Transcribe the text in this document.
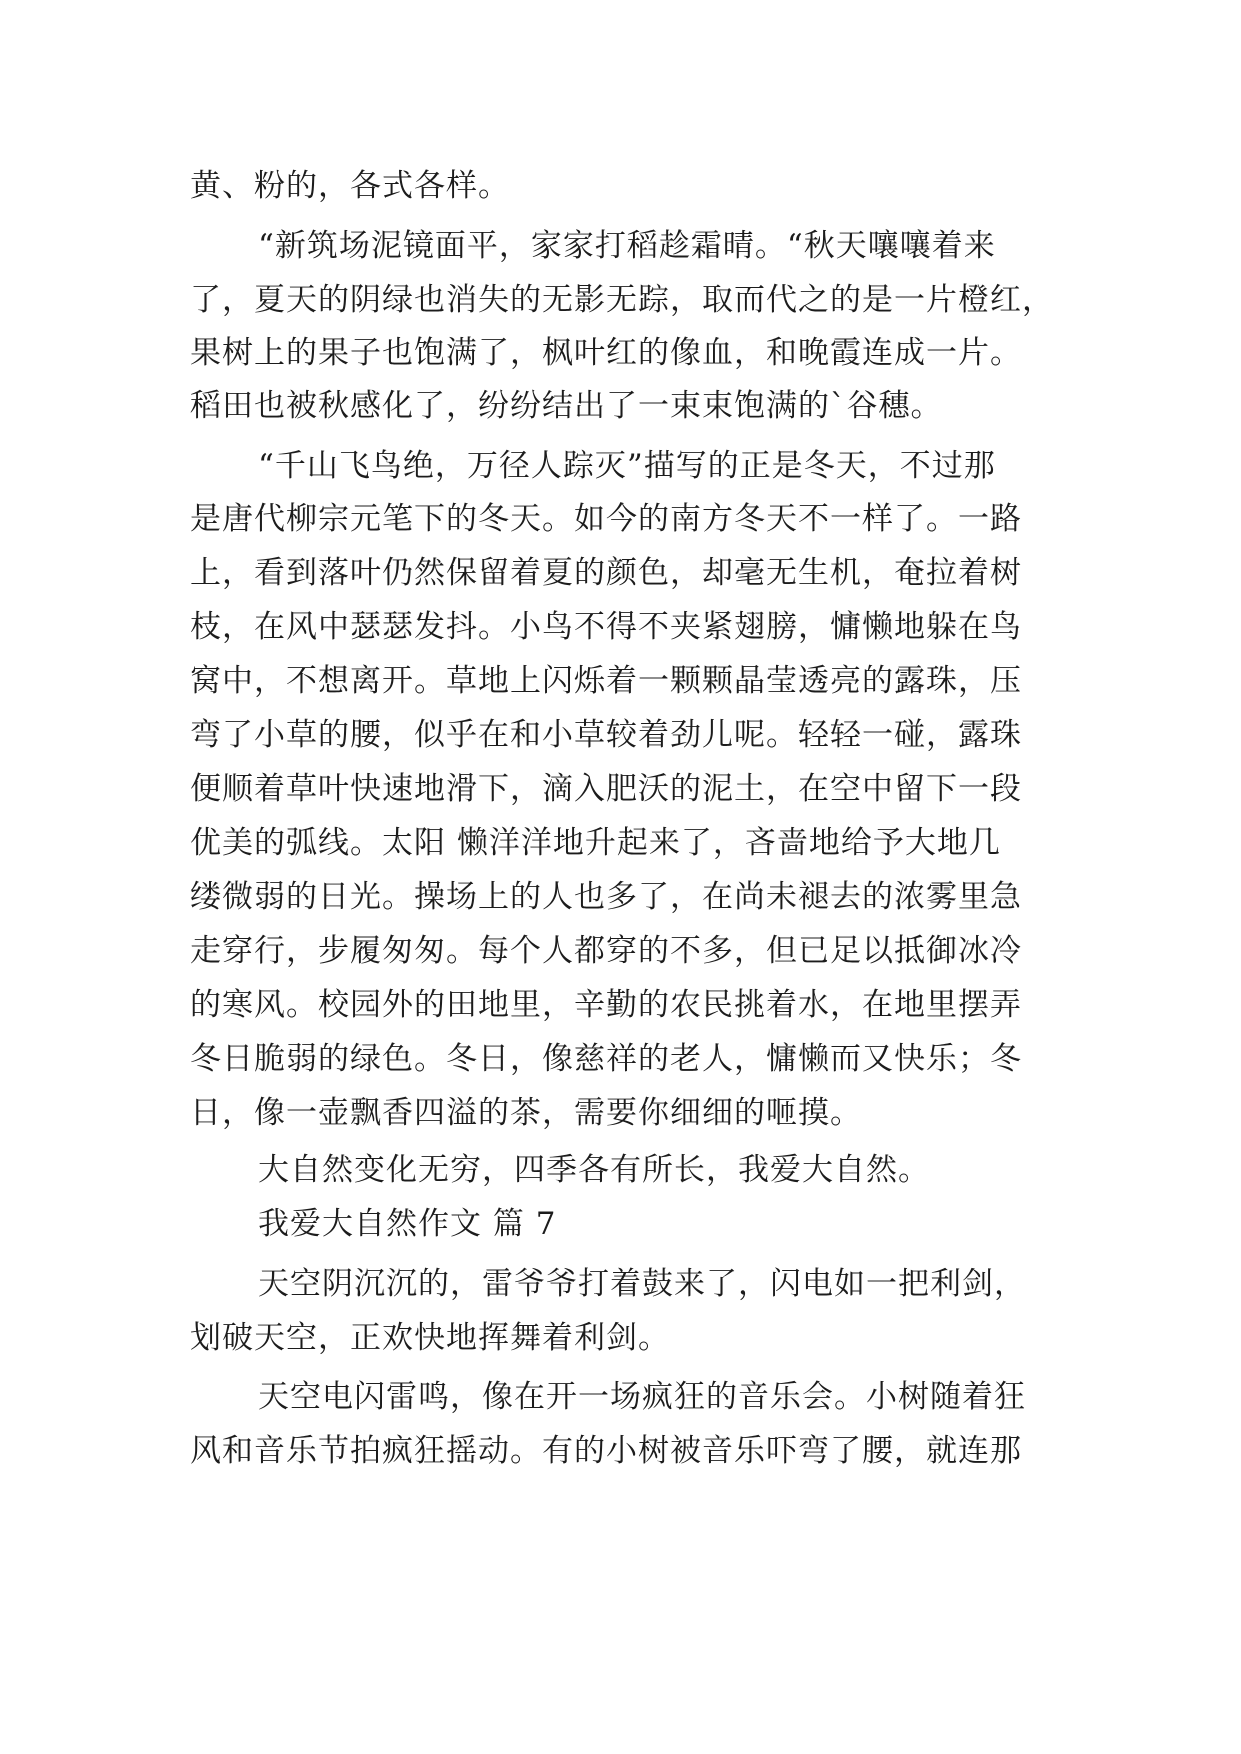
黄、粉的，各式各样。
“新筑场泥镜面平，家家打稻趁霜晴。“秋天嚷嚷着来
了，夏天的阴绿也消失的无影无踪，取而代之的是一片橙红，
果树上的果子也饱满了，枫叶红的像血，和晚霞连成一片。
稻田也被秋感化了，纷纷结出了一束束饱满的`谷穗。
“千山飞鸟绝，万径人踪灭”描写的正是冬天，不过那
是唐代柳宗元笔下的冬天。如今的南方冬天不一样了。一路
上，看到落叶仍然保留着夏的颜色，却毫无生机，奄拉着树
枝，在风中瑟瑟发抖。小鸟不得不夹紧翅膀，慵懒地躲在鸟
窝中，不想离开。草地上闪烁着一颗颗晶莹透亮的露珠，压
弯了小草的腰，似乎在和小草较着劲儿呢。轻轻一碰，露珠
便顺着草叶快速地滑下，滴入肥沃的泥土，在空中留下一段
优美的弧线。太阳 懒洋洋地升起来了，吝啬地给予大地几
缕微弱的日光。操场上的人也多了，在尚未褪去的浓雾里急
走穿行，步履匆匆。每个人都穿的不多，但已足以抵御冰冷
的寒风。校园外的田地里，辛勤的农民挑着水，在地里摆弄
冬日脆弱的绿色。冬日，像慈祥的老人，慵懒而又快乐；冬
日，像一壶飘香四溢的茶，需要你细细的咂摸。
大自然变化无穷，四季各有所长，我爱大自然。
我爱大自然作文 篇 7
天空阴沉沉的，雷爷爷打着鼓来了，闪电如一把利剑，
划破天空，正欢快地挥舞着利剑。
天空电闪雷鸣，像在开一场疯狂的音乐会。小树随着狂
风和音乐节拍疯狂摇动。有的小树被音乐吓弯了腰，就连那
